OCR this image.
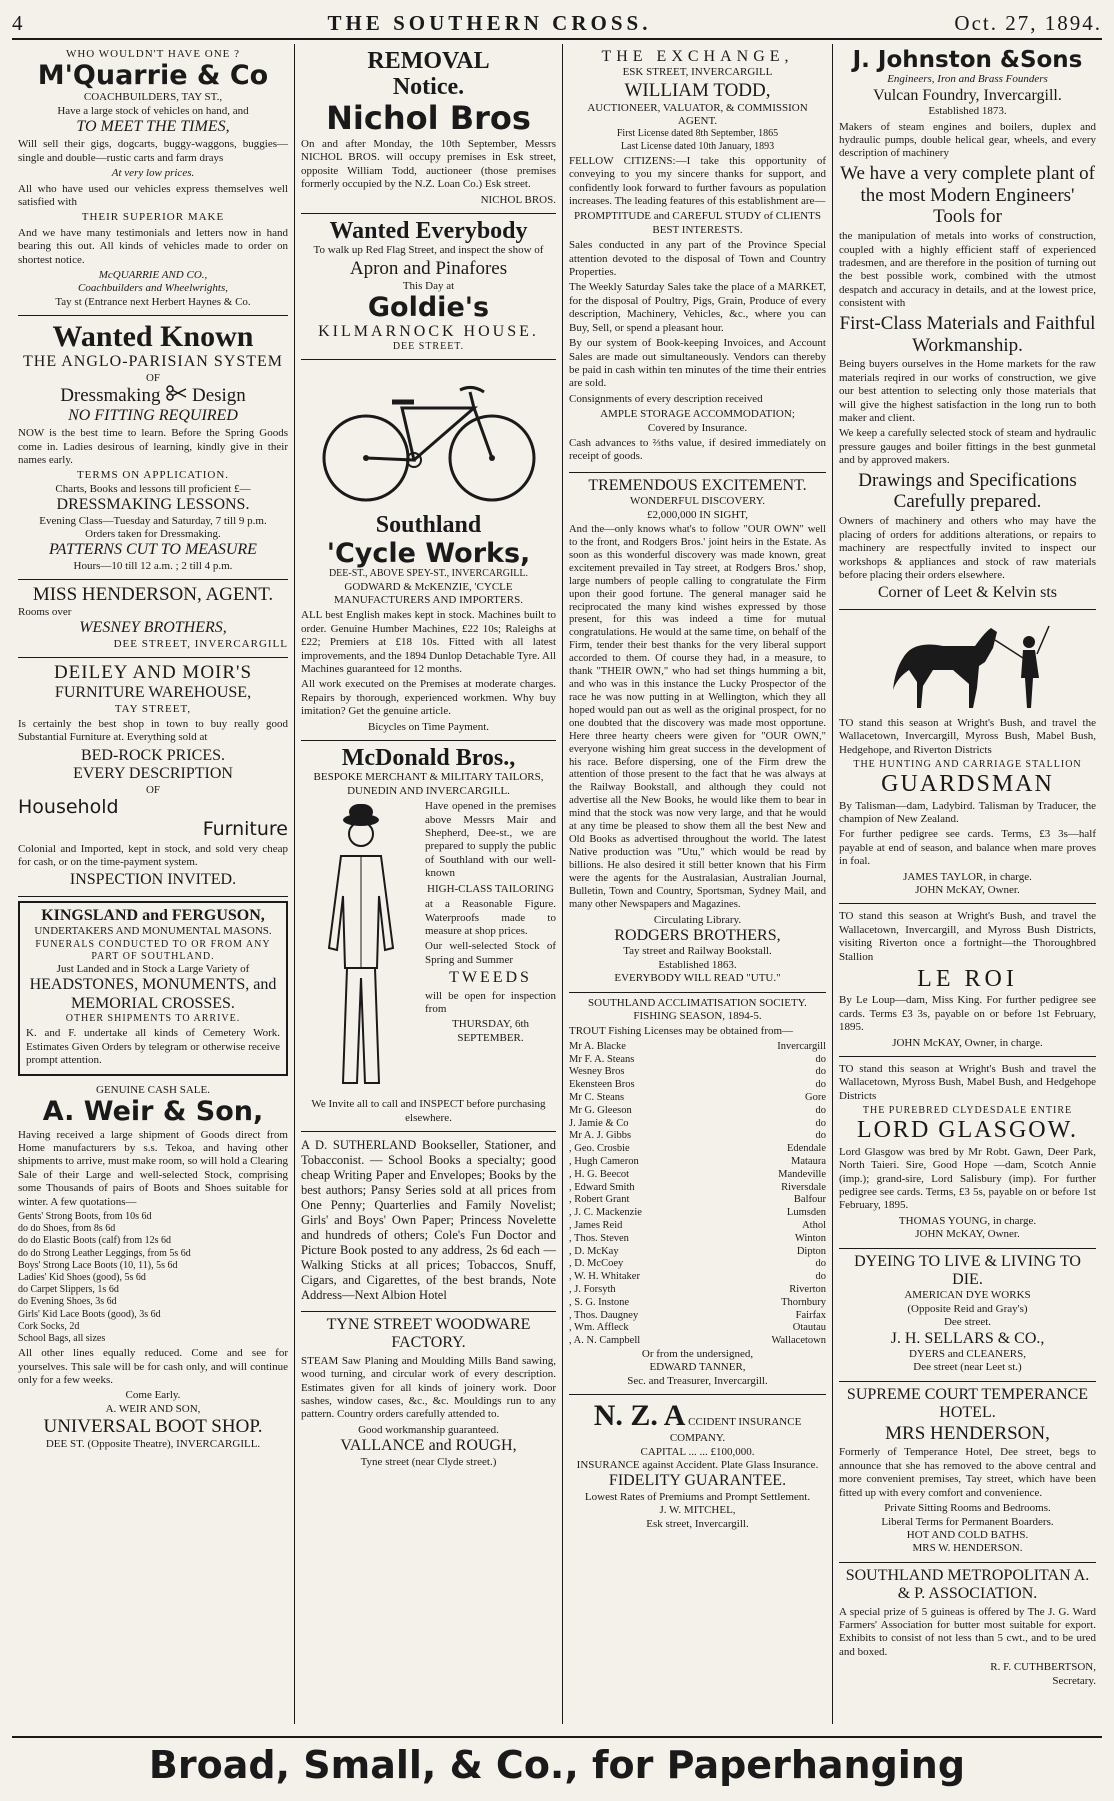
4	THE SOUTHERN CROSS.	Oct. 27, 1894.
WHO WOULDN'T HAVE ONE ?
M'Quarrie & Co
COACHBUILDERS, TAY ST.,
Have a large stock of vehicles on hand, and
TO MEET THE TIMES,

Will sell their gigs, dogcarts, buggy-waggons, buggies—single and double—rustic carts and farm drays

At very low prices.

All who have used our vehicles express themselves well satisfied with

THEIR SUPERIOR MAKE

And we have many testimonials and letters now in hand bearing this out. All kinds of vehicles made to order on shortest notice.

McQUARRIE AND CO.,
Coachbuilders and Wheelwrights,
Tay st (Entrance next Herbert Haynes & Co.
Wanted Known
THE ANGLO-PARISIAN SYSTEM
OF
Dressmaking Design
NO FITTING REQUIRED

NOW is the best time to learn. Before the Spring Goods come in. Ladies desirous of learning, kindly give in their names early.

TERMS ON APPLICATION.
Charts, Books and lessons till proficient £—
DRESSMAKING LESSONS.
Evening Class—Tuesday and Saturday, 7 till 9 p.m.
Orders taken for Dressmaking.
PATTERNS CUT TO MEASURE
Hours—10 till 12 a.m. ; 2 till 4 p.m.
MISS HENDERSON, AGENT.
Rooms over
WESNEY BROTHERS,
DEE STREET, INVERCARGILL
DEILEY AND MOIR'S
FURNITURE WAREHOUSE,
TAY STREET,

Is certainly the best shop in town to buy really good Substantial Furniture at. Everything sold at

BED-ROCK PRICES.
EVERY DESCRIPTION
OF
Household
Furniture

Colonial and Imported, kept in stock, and sold very cheap for cash, or on the time-payment system.

INSPECTION INVITED.
KINGSLAND and FERGUSON,
UNDERTAKERS AND MONUMENTAL MASONS.
FUNERALS CONDUCTED TO OR FROM ANY PART OF SOUTHLAND.
Just Landed and in Stock a Large Variety of
HEADSTONES, MONUMENTS, and MEMORIAL CROSSES.
OTHER SHIPMENTS TO ARRIVE.

K. and F. undertake all kinds of Cemetery Work. Estimates Given Orders by telegram or otherwise receive prompt attention.

GENUINE CASH SALE.
A. Weir & Son,

Having received a large shipment of Goods direct from Home manufacturers by s.s. Tekoa, and having other shipments to arrive, must make room, so will hold a Clearing Sale of their Large and well-selected Stock, comprising some Thousands of pairs of Boots and Shoes suitable for winter. A few quotations—

Gents' Strong Boots, from 10s 6d
do do Shoes, from 8s 6d
do do Elastic Boots (calf) from 12s 6d
do do Strong Leather Leggings, from 5s 6d
Boys' Strong Lace Boots (10, 11), 5s 6d
Ladies' Kid Shoes (good), 5s 6d
do Carpet Slippers, 1s 6d
do Evening Shoes, 3s 6d
Girls' Kid Lace Boots (good), 3s 6d
Cork Socks, 2d
School Bags, all sizes

All other lines equally reduced. Come and see for yourselves. This sale will be for cash only, and will continue only for a few weeks.

Come Early.
A. WEIR AND SON,
UNIVERSAL BOOT SHOP.
DEE ST. (Opposite Theatre), INVERCARGILL.
REMOVAL
Notice.
Nichol Bros

On and after Monday, the 10th September, Messrs NICHOL BROS. will occupy premises in Esk street, opposite William Todd, auctioneer (those premises formerly occupied by the N.Z. Loan Co.) Esk street.

NICHOL BROS.
Wanted Everybody
To walk up Red Flag Street, and inspect the show of
Apron and Pinafores
This Day at
Goldie's
KILMARNOCK HOUSE.
DEE STREET.
Southland
'Cycle Works,
DEE-ST., ABOVE SPEY-ST., INVERCARGILL.
GODWARD & McKENZIE, 'CYCLE MANUFACTURERS AND IMPORTERS.

ALL best English makes kept in stock. Machines built to order. Genuine Humber Machines, £22 10s; Raleighs at £22; Premiers at £18 10s. Fitted with all latest improvements, and the 1894 Dunlop Detachable Tyre. All Machines guaranteed for 12 months.

All work executed on the Premises at moderate charges. Repairs by thorough, experienced workmen. Why buy imitation? Get the genuine article.

Bicycles on Time Payment.
McDonald Bros.,
BESPOKE MERCHANT & MILITARY TAILORS, DUNEDIN AND INVERCARGILL.

Have opened in the premises above Messrs Mair and Shepherd, Dee-st., we are prepared to supply the public of Southland with our well-known

HIGH-CLASS TAILORING

at a Reasonable Figure. Waterproofs made to measure at shop prices.

Our well-selected Stock of Spring and Summer

TWEEDS

will be open for inspection from

THURSDAY, 6th
SEPTEMBER.
We Invite all to call and INSPECT before purchasing elsewhere.

A D. SUTHERLAND Bookseller, Stationer, and Tobacconist. — School Books a specialty; good cheap Writing Paper and Envelopes; Books by the best authors; Pansy Series sold at all prices from One Penny; Quarterlies and Family Novelist; Girls' and Boys' Own Paper; Princess Novelette and hundreds of others; Cole's Fun Doctor and Picture Book posted to any address, 2s 6d each —Walking Sticks at all prices; Tobaccos, Snuff, Cigars, and Cigarettes, of the best brands, Note Address—Next Albion Hotel

TYNE STREET WOODWARE FACTORY.

STEAM Saw Planing and Moulding Mills Band sawing, wood turning, and circular work of every description. Estimates given for all kinds of joinery work. Door sashes, window cases, &c., &c. Mouldings run to any pattern. Country orders carefully attended to.

Good workmanship guaranteed.
VALLANCE and ROUGH,
Tyne street (near Clyde street.)
THE EXCHANGE,
ESK STREET, INVERCARGILL
WILLIAM TODD,
AUCTIONEER, VALUATOR, & COMMISSION AGENT.
First License dated 8th September, 1865
Last License dated 10th January, 1893

FELLOW CITIZENS:—I take this opportunity of conveying to you my sincere thanks for support, and confidently look forward to further favours as population increases. The leading features of this establishment are—

PROMPTITUDE and CAREFUL STUDY of CLIENTS BEST INTERESTS.

Sales conducted in any part of the Province Special attention devoted to the disposal of Town and Country Properties.

The Weekly Saturday Sales take the place of a MARKET, for the disposal of Poultry, Pigs, Grain, Produce of every description, Machinery, Vehicles, &c., where you can Buy, Sell, or spend a pleasant hour.

By our system of Book-keeping Invoices, and Account Sales are made out simultaneously. Vendors can thereby be paid in cash within ten minutes of the time their entries are sold.

Consignments of every description received

AMPLE STORAGE ACCOMMODATION;
Covered by Insurance.

Cash advances to ⅔ths value, if desired immediately on receipt of goods.

TREMENDOUS EXCITEMENT.
WONDERFUL DISCOVERY.
£2,000,000 IN SIGHT,

And the—only knows what's to follow "OUR OWN" well to the front, and Rodgers Bros.' joint heirs in the Estate. As soon as this wonderful discovery was made known, great excitement prevailed in Tay street, at Rodgers Bros.' shop, large numbers of people calling to congratulate the Firm upon their good fortune. The general manager said he reciprocated the many kind wishes expressed by those present, for this was indeed a time for mutual congratulations. He would at the same time, on behalf of the Firm, tender their best thanks for the very liberal support accorded to them. Of course they had, in a measure, to thank "THEIR OWN," who had set things humming a bit, and who was in this instance the Lucky Prospector of the race he was now putting in at Wellington, which they all hoped would pan out as well as the original prospect, for no one doubted that the discovery was made most opportune. Here three hearty cheers were given for "OUR OWN," everyone wishing him great success in the development of his race. Before dispersing, one of the Firm drew the attention of those present to the fact that he was always at the Railway Bookstall, and although they could not advertise all the New Books, he would like them to bear in mind that the stock was now very large, and that he would at any time be pleased to show them all the best New and Old Books as advertised throughout the world. The latest Native production was "Utu," which would be read by billions. He also desired it still better known that his Firm were the agents for the Australasian, Australian Journal, Bulletin, Town and Country, Sportsman, Sydney Mail, and many other Newspapers and Magazines.

Circulating Library.
RODGERS BROTHERS,
Tay street and Railway Bookstall.
Established 1863.
EVERYBODY WILL READ "UTU."
SOUTHLAND ACCLIMATISATION SOCIETY.
FISHING SEASON, 1894-5.

TROUT Fishing Licenses may be obtained from—

Mr A. Blacke	Invercargill
Mr F. A. Steans	do
Wesney Bros	do
Ekensteen Bros	do
Mr C. Steans	Gore
Mr G. Gleeson	do
J. Jamie & Co	do
Mr A. J. Gibbs	do
, Geo. Crosbie	Edendale
, Hugh Cameron	Mataura
, H. G. Beecot	Mandeville
, Edward Smith	Riversdale
, Robert Grant	Balfour
, J. C. Mackenzie	Lumsden
, James Reid	Athol
, Thos. Steven	Winton
, D. McKay	Dipton
, D. McCoey	do
, W. H. Whitaker	do
, J. Forsyth	Riverton
, S. G. Instone	Thornbury
, Thos. Daugney	Fairfax
, Wm. Affleck	Otautau
, A. N. Campbell	Wallacetown
Or from the undersigned,
EDWARD TANNER,
Sec. and Treasurer, Invercargill.
N. Z. A CCIDENT INSURANCE COMPANY.
CAPITAL ... ... £100,000.
INSURANCE against Accident. Plate Glass Insurance.
FIDELITY GUARANTEE.
Lowest Rates of Premiums and Prompt Settlement.
J. W. MITCHEL,
Esk street, Invercargill.
J. Johnston &Sons
Engineers, Iron and Brass Founders
Vulcan Foundry, Invercargill.
Established 1873.

Makers of steam engines and boilers, duplex and hydraulic pumps, double helical gear, wheels, and every description of machinery

We have a very complete plant of the most Modern Engineers' Tools for

the manipulation of metals into works of construction, coupled with a highly efficient staff of experienced tradesmen, and are therefore in the position of turning out the best possible work, combined with the utmost despatch and accuracy in details, and at the lowest price, consistent with

First-Class Materials and Faithful Workmanship.

Being buyers ourselves in the Home markets for the raw materials reqired in our works of construction, we give our best attention to selecting only those materials that will give the highest satisfaction in the long run to both maker and client.

We keep a carefully selected stock of steam and hydraulic pressure gauges and boiler fittings in the best gunmetal and by approved makers.

Drawings and Specifications Carefully prepared.

Owners of machinery and others who may have the placing of orders for additions alterations, or repairs to machinery are respectfully invited to inspect our workshops & appliances and stock of raw materials before placing their orders elsewhere.

Corner of Leet & Kelvin sts

TO stand this season at Wright's Bush, and travel the Wallacetown, Invercargill, Myross Bush, Mabel Bush, Hedgehope, and Riverton Districts

THE HUNTING AND CARRIAGE STALLION
GUARDSMAN

By Talisman—dam, Ladybird. Talisman by Traducer, the champion of New Zealand.

For further pedigree see cards. Terms, £3 3s—half payable at end of season, and balance when mare proves in foal.

JAMES TAYLOR, in charge.
JOHN McKAY, Owner.

TO stand this season at Wright's Bush, and travel the Wallacetown, Invercargill, and Myross Bush Districts, visiting Riverton once a fortnight—the Thoroughbred Stallion

LE ROI

By Le Loup—dam, Miss King. For further pedigree see cards. Terms £3 3s, payable on or before 1st February, 1895.

JOHN McKAY, Owner, in charge.

TO stand this season at Wright's Bush and travel the Wallacetown, Myross Bush, Mabel Bush, and Hedgehope Districts

THE PUREBRED CLYDESDALE ENTIRE
LORD GLASGOW.

Lord Glasgow was bred by Mr Robt. Gawn, Deer Park, North Taieri. Sire, Good Hope —dam, Scotch Annie (imp.); grand-sire, Lord Salisbury (imp). For further pedigree see cards. Terms, £3 5s, payable on or before 1st February, 1895.

THOMAS YOUNG, in charge.
JOHN McKAY, Owner.
DYEING TO LIVE & LIVING TO DIE.
AMERICAN DYE WORKS
(Opposite Reid and Gray's)
Dee street.
J. H. SELLARS & CO.,
DYERS and CLEANERS,
Dee street (near Leet st.)
SUPREME COURT TEMPERANCE HOTEL.
MRS HENDERSON,

Formerly of Temperance Hotel, Dee street, begs to announce that she has removed to the above central and more convenient premises, Tay street, which have been fitted up with every comfort and convenience.

Private Sitting Rooms and Bedrooms.
Liberal Terms for Permanent Boarders.
HOT AND COLD BATHS.
MRS W. HENDERSON.
SOUTHLAND METROPOLITAN A. & P. ASSOCIATION.

A special prize of 5 guineas is offered by The J. G. Ward Farmers' Association for butter most suitable for export. Exhibits to consist of not less than 5 cwt., and to be ured and boxed.

R. F. CUTHBERTSON,
Secretary.
Broad, Small, & Co., for Paperhanging
